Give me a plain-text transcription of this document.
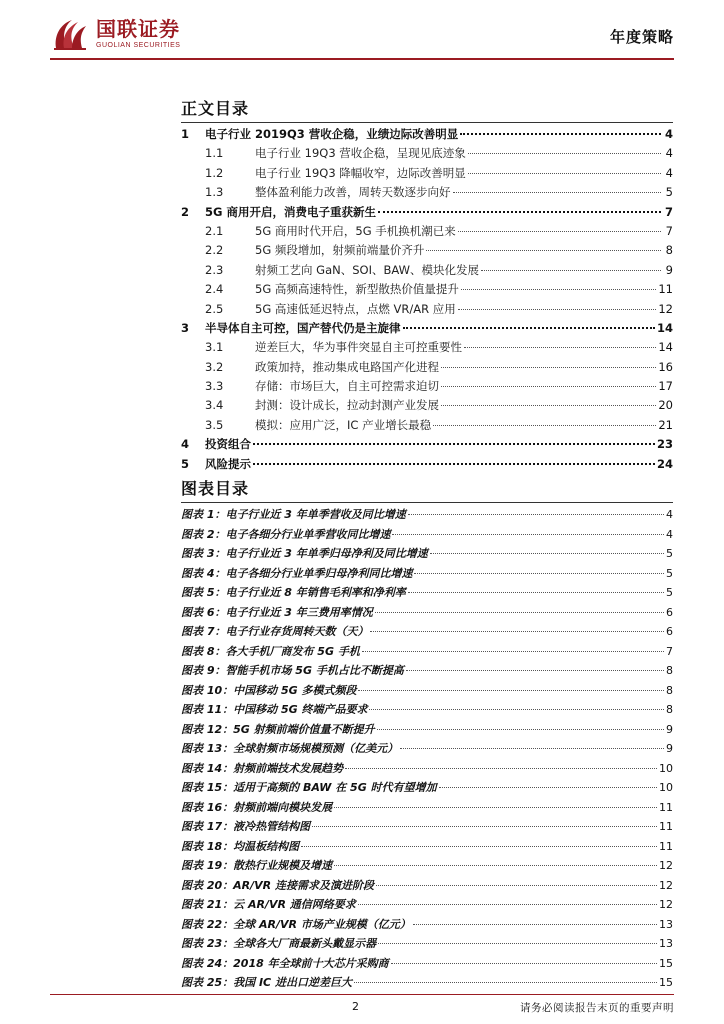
国联证券
GUOLIAN SECURITIES	年度策略
正文目录
1	电子行业 2019Q3 营收企稳，业绩边际改善明显	4
1.1	电子行业 19Q3 营收企稳，呈现见底迹象	4
1.2	电子行业 19Q3 降幅收窄，边际改善明显	4
1.3	整体盈利能力改善，周转天数逐步向好	5
2	5G 商用开启，消费电子重获新生	7
2.1	5G 商用时代开启，5G 手机换机潮已来	7
2.2	5G 频段增加，射频前端量价齐升	8
2.3	射频工艺向 GaN、SOI、BAW、模块化发展	9
2.4	5G 高频高速特性，新型散热价值量提升	11
2.5	5G 高速低延迟特点，点燃 VR/AR 应用	12
3	半导体自主可控，国产替代仍是主旋律	14
3.1	逆差巨大，华为事件突显自主可控重要性	14
3.2	政策加持，推动集成电路国产化进程	16
3.3	存储：市场巨大，自主可控需求迫切	17
3.4	封测：设计成长，拉动封测产业发展	20
3.5	模拟：应用广泛，IC 产业增长最稳	21
4	投资组合	23
5	风险提示	24
图表目录
图表 1：电子行业近 3 年单季营收及同比增速	4
图表 2：电子各细分行业单季营收同比增速	4
图表 3：电子行业近 3 年单季归母净利及同比增速	5
图表 4：电子各细分行业单季归母净利同比增速	5
图表 5：电子行业近 8 年销售毛利率和净利率	5
图表 6：电子行业近 3 年三费用率情况	6
图表 7：电子行业存货周转天数（天）	6
图表 8：各大手机厂商发布 5G 手机	7
图表 9：智能手机市场 5G 手机占比不断提高	8
图表 10：中国移动 5G 多模式频段	8
图表 11：中国移动 5G 终端产品要求	8
图表 12：5G 射频前端价值量不断提升	9
图表 13：全球射频市场规模预测（亿美元）	9
图表 14：射频前端技术发展趋势	10
图表 15：适用于高频的 BAW 在 5G 时代有望增加	10
图表 16：射频前端向模块发展	11
图表 17：液冷热管结构图	11
图表 18：均温板结构图	11
图表 19：散热行业规模及增速	12
图表 20：AR/VR 连接需求及演进阶段	12
图表 21：云 AR/VR 通信网络要求	12
图表 22：全球 AR/VR 市场产业规模（亿元）	13
图表 23：全球各大厂商最新头戴显示器	13
图表 24：2018 年全球前十大芯片采购商	15
图表 25：我国 IC 进出口逆差巨大	15
2	请务必阅读报告末页的重要声明
